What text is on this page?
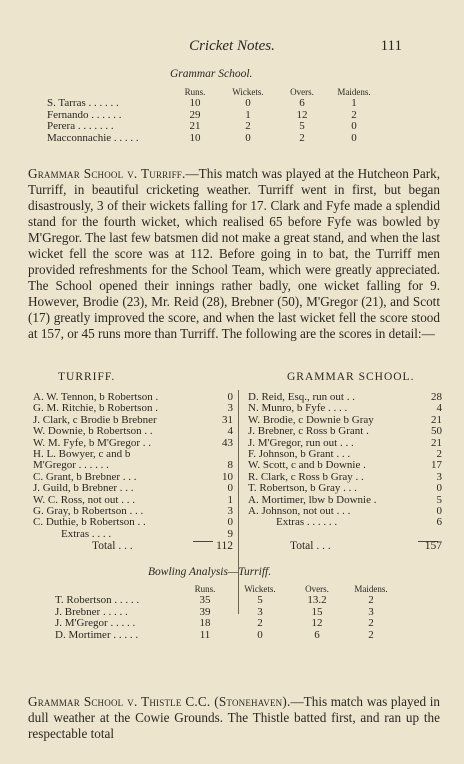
Cricket Notes.	111
Grammar School.
	Runs.	Wickets.	Overs.	Maidens.
S. Tarras . . . . . .	10	0	6	1
Fernando . . . . . .	29	1	12	2
Perera . . . . . . .	21	2	5	0
Macconnachie . . . . .	10	0	2	0

Grammar School v. Turriff.—This match was played at the Hutcheon Park, Turriff, in beautiful cricketing weather. Turriff went in first, but began disastrously, 3 of their wickets falling for 17. Clark and Fyfe made a splendid stand for the fourth wicket, which realised 65 before Fyfe was bowled by M'Gregor. The last few batsmen did not make a great stand, and when the last wicket fell the score was at 112. Before going in to bat, the Turriff men provided refreshments for the School Team, which were greatly appreciated. The School opened their innings rather badly, one wicket falling for 9. However, Brodie (23), Mr. Reid (28), Brebner (50), M'Gregor (21), and Scott (17) greatly improved the score, and when the last wicket fell the score stood at 157, or 45 runs more than Turriff. The following are the scores in detail:—

TURRIFF.	GRAMMAR SCHOOL.
A. W. Tennon, b Robertson .	0
G. M. Ritchie, b Robertson .	3
J. Clark, c Brodie b Brebner	31
W. Downie, b Robertson . .	4
W. M. Fyfe, b M'Gregor . .	43
H. L. Bowyer, c and b
M'Gregor . . . . . .	8
C. Grant, b Brebner . . .	10
J. Guild, b Brebner . . .	0
W. C. Ross, not out . . .	1
G. Gray, b Robertson . . .	3
C. Duthie, b Robertson . .	0
Extras . . . .	9
D. Reid, Esq., run out . .	28
N. Munro, b Fyfe . . . .	4
W. Brodie, c Downie b Gray	21
J. Brebner, c Ross b Grant .	50
J. M'Gregor, run out . . .	21
F. Johnson, b Grant . . .	2
W. Scott, c and b Downie .	17
R. Clark, c Ross b Gray . .	3
T. Robertson, b Gray . . .	0
A. Mortimer, lbw b Downie .	5
A. Johnson, not out . . .	0
Extras . . . . . .	6
Total . . .	112	Total . . .	157
Bowling Analysis—Turriff.
	Runs.	Wickets.	Overs.	Maidens.
T. Robertson . . . . .	35	5	13.2	2
J. Brebner . . . . .	39	3	15	3
J. M'Gregor . . . . .	18	2	12	2
D. Mortimer . . . . .	11	0	6	2

Grammar School v. Thistle C.C. (Stonehaven).—This match was played in dull weather at the Cowie Grounds. The Thistle batted first, and ran up the respectable total
